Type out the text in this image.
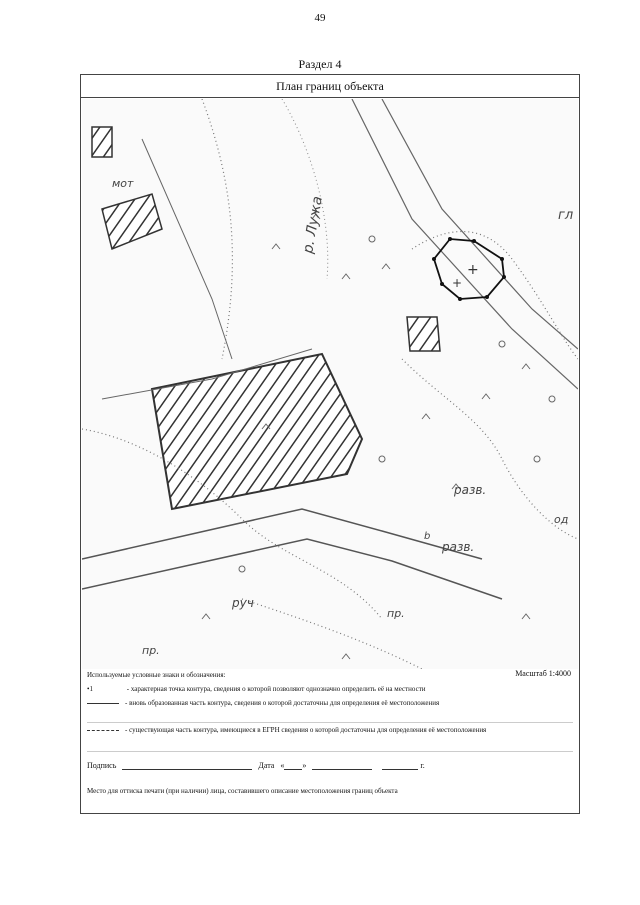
49
Раздел 4
План границ объекта
+
+
р. Лужа	гл
разв.
разв.
руч
пр.
пр.
мот
од
b
Используемые условные знаки и обозначения:	Масштаб 1:4000
•1	- характерная точка контура, сведения о которой позволяют однозначно определить её на местности
- вновь образованная часть контура, сведения о которой достаточны для определения её местоположения
- существующая часть контура, имеющиеся в ЕГРН сведения о которой достаточны для определения её местоположения
Подпись	Дата « »	г.
Место для оттиска печати (при наличии) лица, составившего описание местоположения границ объекта
